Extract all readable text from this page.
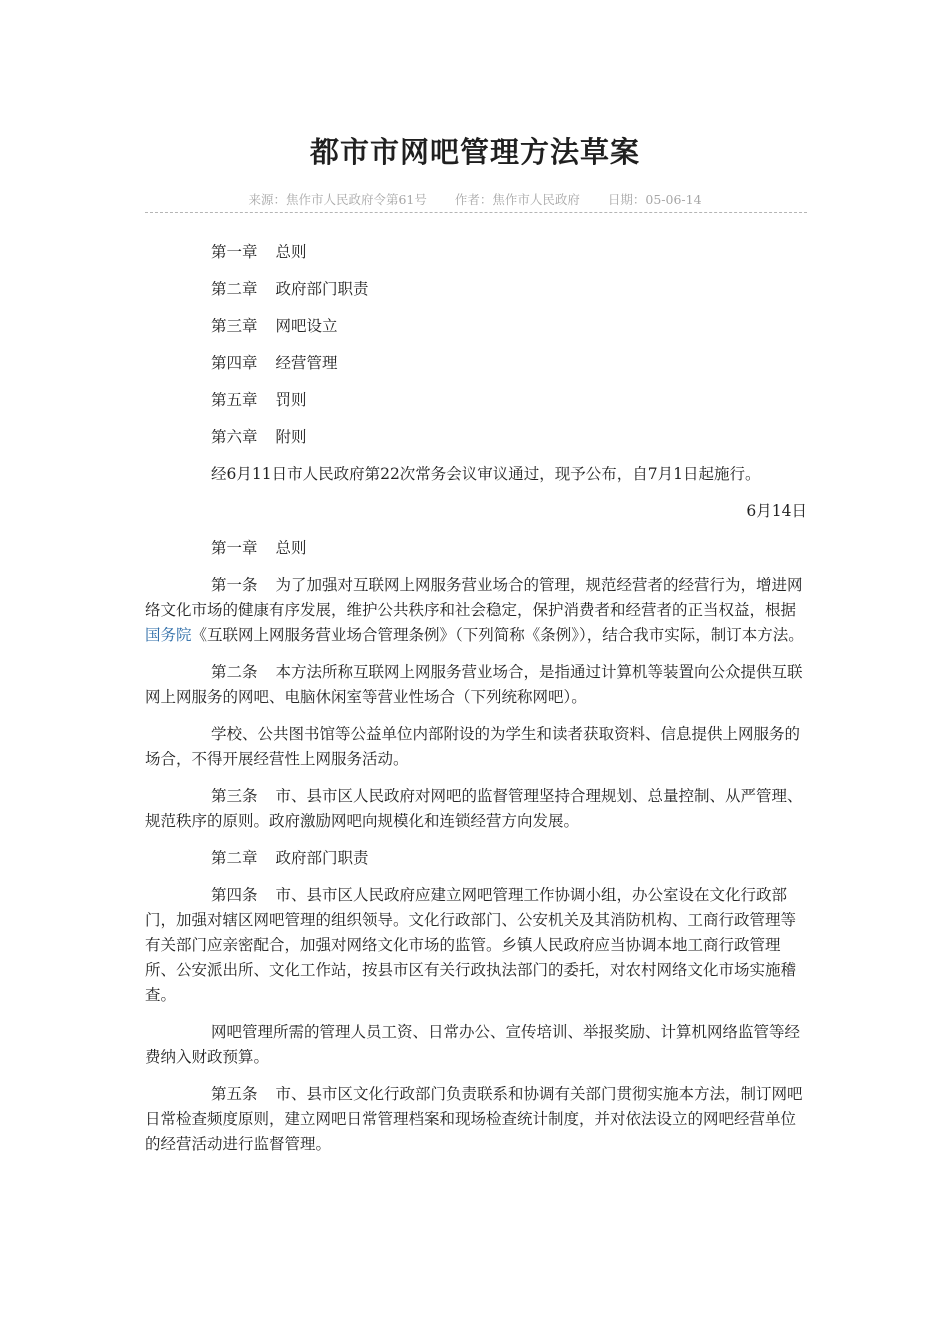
都市市网吧管理方法草案
来源：焦作市人民政府令第61号 作者：焦作市人民政府 日期：05-06-14

第一章 总则

第二章 政府部门职责

第三章 网吧设立

第四章 经营管理

第五章 罚则

第六章 附则

经6月11日市人民政府第22次常务会议审议通过，现予公布，自7月1日起施行。

6月14日

第一章 总则

第一条 为了加强对互联网上网服务营业场合的管理，规范经营者的经营行为，增进网络文化市场的健康有序发展，维护公共秩序和社会稳定，保护消费者和经营者的正当权益，根据国务院《互联网上网服务营业场合管理条例》（下列简称《条例》），结合我市实际，制订本方法。

第二条 本方法所称互联网上网服务营业场合，是指通过计算机等装置向公众提供互联网上网服务的网吧、电脑休闲室等营业性场合（下列统称网吧）。

学校、公共图书馆等公益单位内部附设的为学生和读者获取资料、信息提供上网服务的场合，不得开展经营性上网服务活动。

第三条 市、县市区人民政府对网吧的监督管理坚持合理规划、总量控制、从严管理、规范秩序的原则。政府激励网吧向规模化和连锁经营方向发展。

第二章 政府部门职责

第四条 市、县市区人民政府应建立网吧管理工作协调小组，办公室设在文化行政部门，加强对辖区网吧管理的组织领导。文化行政部门、公安机关及其消防机构、工商行政管理等有关部门应亲密配合，加强对网络文化市场的监管。乡镇人民政府应当协调本地工商行政管理所、公安派出所、文化工作站，按县市区有关行政执法部门的委托，对农村网络文化市场实施稽查。

网吧管理所需的管理人员工资、日常办公、宣传培训、举报奖励、计算机网络监管等经费纳入财政预算。

第五条 市、县市区文化行政部门负责联系和协调有关部门贯彻实施本方法，制订网吧日常检查频度原则，建立网吧日常管理档案和现场检查统计制度，并对依法设立的网吧经营单位的经营活动进行监督管理。
